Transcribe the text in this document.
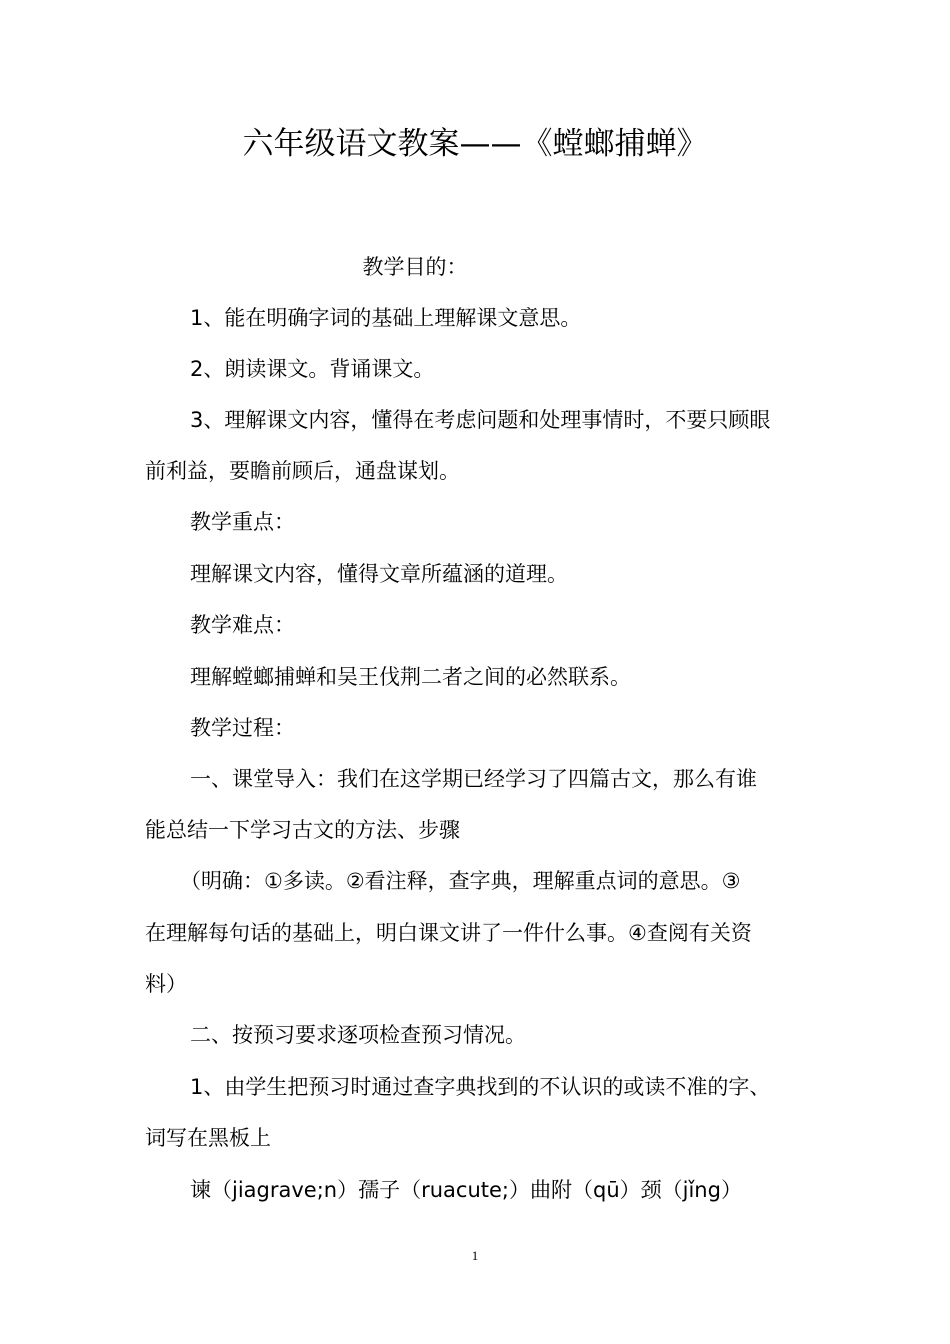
六年级语文教案——《螳螂捕蝉》
教学目的：
1、能在明确字词的基础上理解课文意思。
2、朗读课文。背诵课文。
3、理解课文内容，懂得在考虑问题和处理事情时，不要只顾眼
前利益，要瞻前顾后，通盘谋划。
教学重点：
理解课文内容，懂得文章所蕴涵的道理。
教学难点：
理解螳螂捕蝉和吴王伐荆二者之间的必然联系。
教学过程：
一、课堂导入：我们在这学期已经学习了四篇古文，那么有谁
能总结一下学习古文的方法、步骤
（明确：①多读。②看注释，查字典，理解重点词的意思。③
在理解每句话的基础上，明白课文讲了一件什么事。④查阅有关资
料）
二、按预习要求逐项检查预习情况。
1、由学生把预习时通过查字典找到的不认识的或读不准的字、
词写在黑板上
谏（jiagrave;n）孺子（ruacute;）曲附（qū）颈（jǐng）
1
